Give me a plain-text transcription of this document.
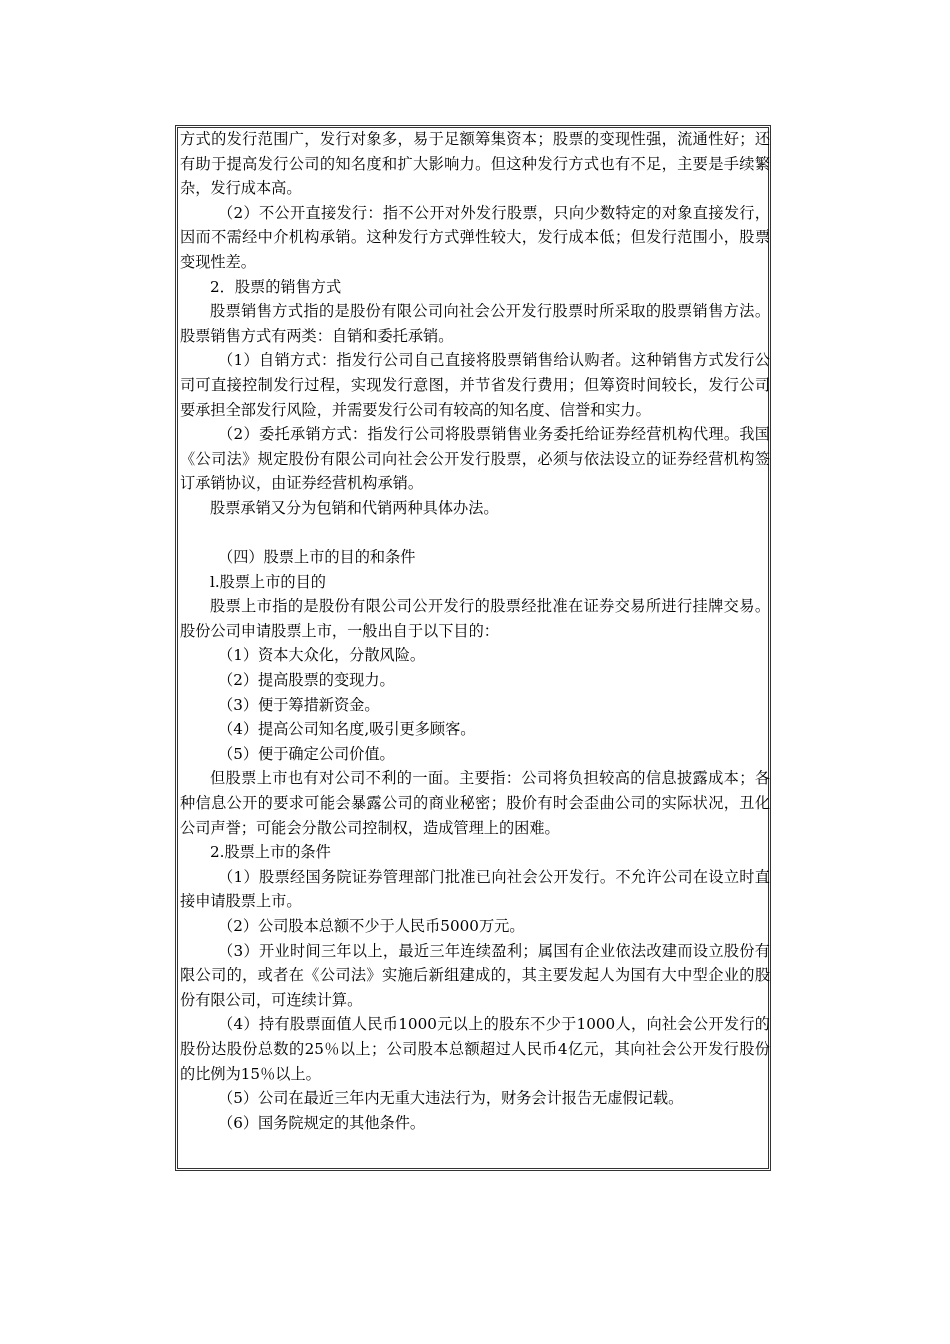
方式的发行范围广，发行对象多，易于足额筹集资本；股票的变现性强，流通性好；还有助于提高发行公司的知名度和扩大影响力。但这种发行方式也有不足，主要是手续繁杂，发行成本高。

（2）不公开直接发行：指不公开对外发行股票，只向少数特定的对象直接发行，因而不需经中介机构承销。这种发行方式弹性较大，发行成本低；但发行范围小，股票变现性差。

2．股票的销售方式

股票销售方式指的是股份有限公司向社会公开发行股票时所采取的股票销售方法。股票销售方式有两类：自销和委托承销。

（1）自销方式：指发行公司自己直接将股票销售给认购者。这种销售方式发行公司可直接控制发行过程，实现发行意图，并节省发行费用；但筹资时间较长，发行公司要承担全部发行风险，并需要发行公司有较高的知名度、信誉和实力。

（2）委托承销方式：指发行公司将股票销售业务委托给证券经营机构代理。我国《公司法》规定股份有限公司向社会公开发行股票，必须与依法设立的证券经营机构签订承销协议，由证券经营机构承销。

股票承销又分为包销和代销两种具体办法。

（四）股票上市的目的和条件

l.股票上市的目的

股票上市指的是股份有限公司公开发行的股票经批准在证券交易所进行挂牌交易。股份公司申请股票上市，一般出自于以下目的：

（1）资本大众化，分散风险。

（2）提高股票的变现力。

（3）便于筹措新资金。

（4）提高公司知名度,吸引更多顾客。

（5）便于确定公司价值。

但股票上市也有对公司不利的一面。主要指：公司将负担较高的信息披露成本；各种信息公开的要求可能会暴露公司的商业秘密；股价有时会歪曲公司的实际状况，丑化公司声誉；可能会分散公司控制权，造成管理上的困难。

2.股票上市的条件

（1）股票经国务院证券管理部门批准已向社会公开发行。不允许公司在设立时直接申请股票上市。

（2）公司股本总额不少于人民币5000万元。

（3）开业时间三年以上，最近三年连续盈利；属国有企业依法改建而设立股份有限公司的，或者在《公司法》实施后新组建成的，其主要发起人为国有大中型企业的股份有限公司，可连续计算。

（4）持有股票面值人民币1000元以上的股东不少于1000人，向社会公开发行的股份达股份总数的25％以上；公司股本总额超过人民币4亿元，其向社会公开发行股份的比例为15％以上。

（5）公司在最近三年内无重大违法行为，财务会计报告无虚假记载。

（6）国务院规定的其他条件。
